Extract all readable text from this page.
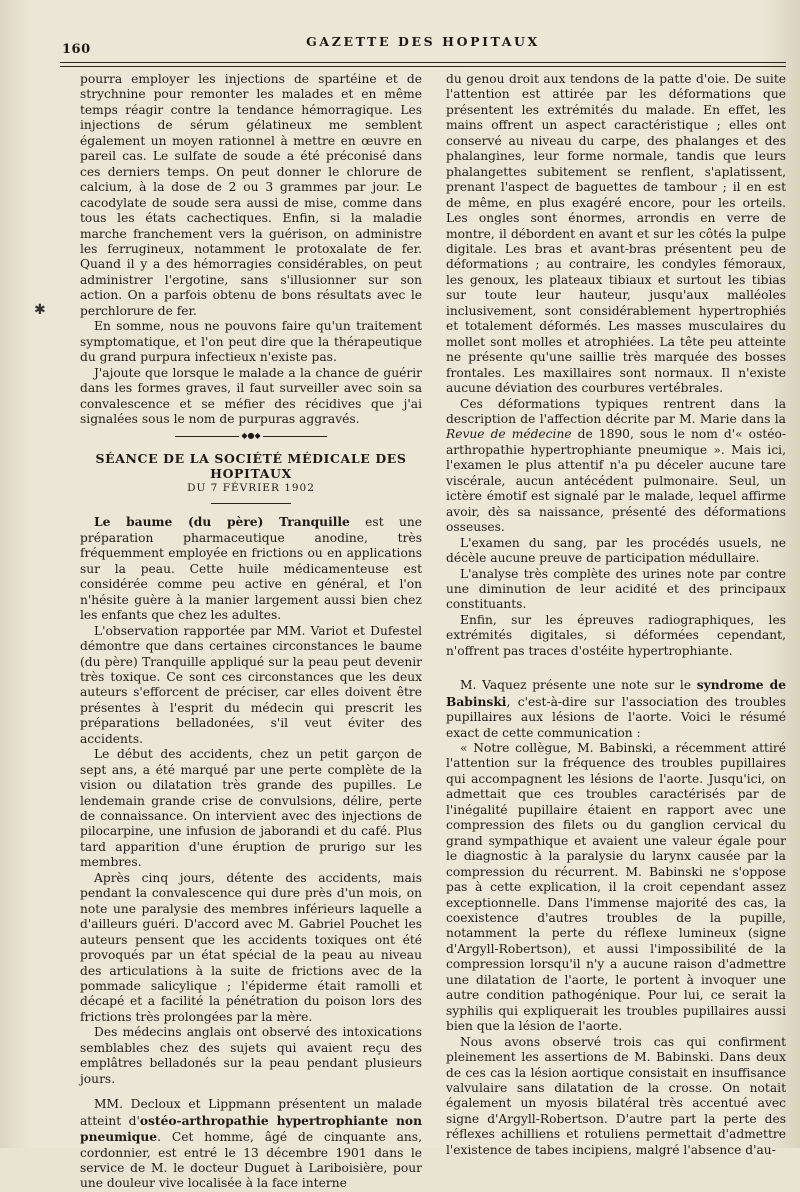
160
GAZETTE DES HOPITAUX

pourra employer les injections de spartéine et de strychnine pour remonter les malades et en même temps réagir contre la tendance hémorragique. Les injections de sérum gélatineux me semblent également un moyen rationnel à mettre en œuvre en pareil cas. Le sulfate de soude a été préconisé dans ces derniers temps. On peut donner le chlorure de calcium, à la dose de 2 ou 3 grammes par jour. Le cacodylate de soude sera aussi de mise, comme dans tous les états cachectiques. Enfin, si la maladie marche franchement vers la guérison, on administre les ferrugineux, notamment le protoxalate de fer. Quand il y a des hémorragies considérables, on peut administrer l'ergotine, sans s'illusionner sur son action. On a parfois obtenu de bons résultats avec le perchlorure de fer.

En somme, nous ne pouvons faire qu'un traitement symptomatique, et l'on peut dire que la thérapeutique du grand purpura infectieux n'existe pas.

J'ajoute que lorsque le malade a la chance de guérir dans les formes graves, il faut surveiller avec soin sa convalescence et se méfier des récidives que j'ai signalées sous le nom de purpuras aggravés.

◆●◆
SÉANCE DE LA SOCIÉTÉ MÉDICALE DES HOPITAUX
DU 7 FÉVRIER 1902

Le baume (du père) Tranquille est une préparation pharmaceutique anodine, très fréquemment employée en frictions ou en applications sur la peau. Cette huile médicamenteuse est considérée comme peu active en général, et l'on n'hésite guère à la manier largement aussi bien chez les enfants que chez les adultes.

L'observation rapportée par MM. Variot et Dufestel démontre que dans certaines circonstances le baume (du père) Tranquille appliqué sur la peau peut devenir très toxique. Ce sont ces circonstances que les deux auteurs s'efforcent de préciser, car elles doivent être présentes à l'esprit du médecin qui prescrit les préparations belladonées, s'il veut éviter des accidents.

Le début des accidents, chez un petit garçon de sept ans, a été marqué par une perte complète de la vision ou dilatation très grande des pupilles. Le lendemain grande crise de convulsions, délire, perte de connaissance. On intervient avec des injections de pilocarpine, une infusion de jaborandi et du café. Plus tard apparition d'une éruption de prurigo sur les membres.

Après cinq jours, détente des accidents, mais pendant la convalescence qui dure près d'un mois, on note une paralysie des membres inférieurs laquelle a d'ailleurs guéri. D'accord avec M. Gabriel Pouchet les auteurs pensent que les accidents toxiques ont été provoqués par un état spécial de la peau au niveau des articulations à la suite de frictions avec de la pommade salicylique ; l'épiderme était ramolli et décapé et a facilité la pénétration du poison lors des frictions très prolongées par la mère.

Des médecins anglais ont observé des intoxications semblables chez des sujets qui avaient reçu des emplâtres belladonés sur la peau pendant plusieurs jours.

MM. Decloux et Lippmann présentent un malade atteint d'ostéo-arthropathie hypertrophiante non pneumique. Cet homme, âgé de cinquante ans, cordonnier, est entré le 13 décembre 1901 dans le service de M. le docteur Duguet à Lariboisière, pour une douleur vive localisée à la face interne

du genou droit aux tendons de la patte d'oie. De suite l'attention est attirée par les déformations que présentent les extrémités du malade. En effet, les mains offrent un aspect caractéristique ; elles ont conservé au niveau du carpe, des phalanges et des phalangines, leur forme normale, tandis que leurs phalangettes subitement se renflent, s'aplatissent, prenant l'aspect de baguettes de tambour ; il en est de même, en plus exagéré encore, pour les orteils. Les ongles sont énormes, arrondis en verre de montre, il débordent en avant et sur les côtés la pulpe digitale. Les bras et avant-bras présentent peu de déformations ; au contraire, les condyles fémoraux, les genoux, les plateaux tibiaux et surtout les tibias sur toute leur hauteur, jusqu'aux malléoles inclusivement, sont considérablement hypertrophiés et totalement déformés. Les masses musculaires du mollet sont molles et atrophiées. La tête peu atteinte ne présente qu'une saillie très marquée des bosses frontales. Les maxillaires sont normaux. Il n'existe aucune déviation des courbures vertébrales.

Ces déformations typiques rentrent dans la description de l'affection décrite par M. Marie dans la Revue de médecine de 1890, sous le nom d'« ostéo-arthropathie hypertrophiante pneumique ». Mais ici, l'examen le plus attentif n'a pu déceler aucune tare viscérale, aucun antécédent pulmonaire. Seul, un ictère émotif est signalé par le malade, lequel affirme avoir, dès sa naissance, présenté des déformations osseuses.

L'examen du sang, par les procédés usuels, ne décèle aucune preuve de participation médullaire.

L'analyse très complète des urines note par contre une diminution de leur acidité et des principaux constituants.

Enfin, sur les épreuves radiographiques, les extrémités digitales, si déformées cependant, n'offrent pas traces d'ostéite hypertrophiante.

M. Vaquez présente une note sur le syndrome de Babinski, c'est-à-dire sur l'association des troubles pupillaires aux lésions de l'aorte. Voici le résumé exact de cette communication :

« Notre collègue, M. Babinski, a récemment attiré l'attention sur la fréquence des troubles pupillaires qui accompagnent les lésions de l'aorte. Jusqu'ici, on admettait que ces troubles caractérisés par de l'inégalité pupillaire étaient en rapport avec une compression des filets ou du ganglion cervical du grand sympathique et avaient une valeur égale pour le diagnostic à la paralysie du larynx causée par la compression du récurrent. M. Babinski ne s'oppose pas à cette explication, il la croit cependant assez exceptionnelle. Dans l'immense majorité des cas, la coexistence d'autres troubles de la pupille, notamment la perte du réflexe lumineux (signe d'Argyll-Robertson), et aussi l'impossibilité de la compression lorsqu'il n'y a aucune raison d'admettre une dilatation de l'aorte, le portent à invoquer une autre condition pathogénique. Pour lui, ce serait la syphilis qui expliquerait les troubles pupillaires aussi bien que la lésion de l'aorte.

Nous avons observé trois cas qui confirment pleinement les assertions de M. Babinski. Dans deux de ces cas la lésion aortique consistait en insuffisance valvulaire sans dilatation de la crosse. On notait également un myosis bilatéral très accentué avec signe d'Argyll-Robertson. D'autre part la perte des réflexes achilliens et rotuliens permettait d'admettre l'existence de tabes incipiens, malgré l'absence d'au-

✱
